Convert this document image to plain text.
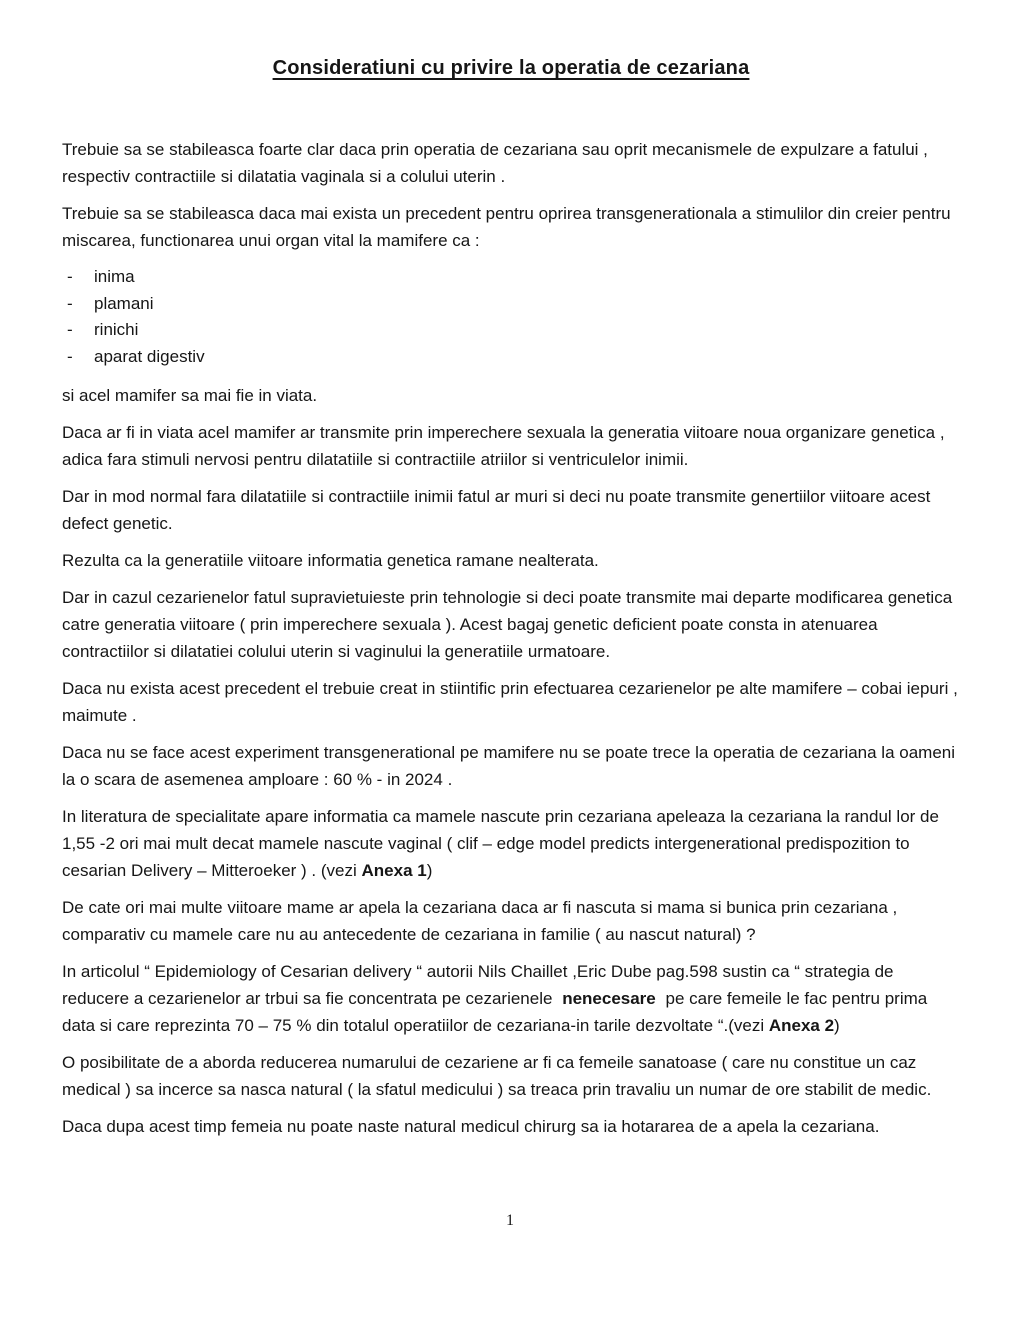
Consideratiuni cu privire la operatia de cezariana

Trebuie sa se stabileasca foarte clar daca prin operatia de cezariana sau oprit mecanismele de expulzare a fatului , respectiv contractiile si dilatatia vaginala si a colului uterin .

Trebuie sa se stabileasca daca mai exista un precedent pentru oprirea transgenerationala a stimulilor din creier pentru miscarea, functionarea unui organ vital la mamifere ca :

-	inima
-	plamani
-	rinichi
-	aparat digestiv

si acel mamifer sa mai fie in viata.

Daca ar fi in viata acel mamifer ar transmite prin imperechere sexuala la generatia viitoare noua organizare genetica , adica fara stimuli nervosi pentru dilatatiile si contractiile atriilor si ventriculelor inimii.

Dar in mod normal fara dilatatiile si contractiile inimii fatul ar muri si deci nu poate transmite genertiilor viitoare acest defect genetic.

Rezulta ca la generatiile viitoare informatia genetica ramane nealterata.

Dar in cazul cezarienelor fatul supravietuieste prin tehnologie si deci poate transmite mai departe modificarea genetica catre generatia viitoare ( prin imperechere sexuala ). Acest bagaj genetic deficient poate consta in atenuarea contractiilor si dilatatiei colului uterin si vaginului la generatiile urmatoare.

Daca nu exista acest precedent el trebuie creat in stiintific prin efectuarea cezarienelor pe alte mamifere – cobai iepuri , maimute .

Daca nu se face acest experiment transgenerational pe mamifere nu se poate trece la operatia de cezariana la oameni la o scara de asemenea amploare : 60 % - in 2024 .

In literatura de specialitate apare informatia ca mamele nascute prin cezariana apeleaza la cezariana la randul lor de 1,55 -2 ori mai mult decat mamele nascute vaginal ( clif – edge model predicts intergenerational predispozition to cesarian Delivery – Mitteroeker ) . (vezi Anexa 1)

De cate ori mai multe viitoare mame ar apela la cezariana daca ar fi nascuta si mama si bunica prin cezariana , comparativ cu mamele care nu au antecedente de cezariana in familie ( au nascut natural) ?

In articolul “ Epidemiology of Cesarian delivery “ autorii Nils Chaillet ,Eric Dube pag.598 sustin ca “ strategia de reducere a cezarienelor ar trbui sa fie concentrata pe cezarienele nenecesare pe care femeile le fac pentru prima data si care reprezinta 70 – 75 % din totalul operatiilor de cezariana-in tarile dezvoltate “.(vezi Anexa 2)

O posibilitate de a aborda reducerea numarului de cezariene ar fi ca femeile sanatoase ( care nu constitue un caz medical ) sa incerce sa nasca natural ( la sfatul medicului ) sa treaca prin travaliu un numar de ore stabilit de medic.

Daca dupa acest timp femeia nu poate naste natural medicul chirurg sa ia hotararea de a apela la cezariana.

1
